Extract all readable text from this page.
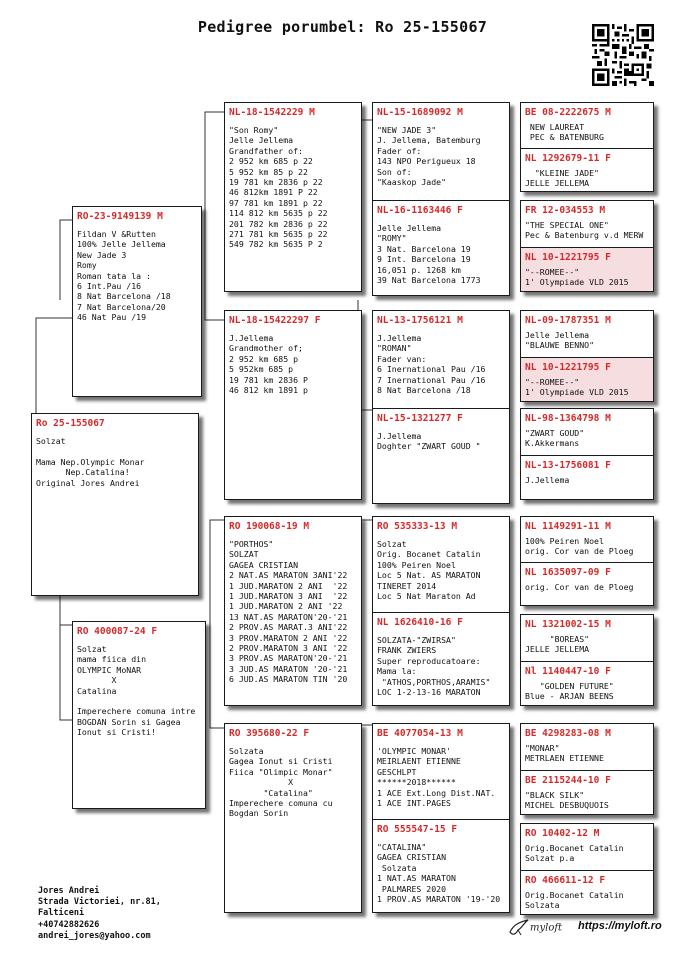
Pedigree porumbel: Ro 25-155067
Ro 25-155067
Solzat

Mama Nep.Olympic Monar
Nep.Catalina!
Original Jores Andrei
RO-23-9149139 M
Fildan V &Rutten
100% Jelle Jellema
New Jade 3
Romy
Roman tata la :
6 Int.Pau /16
8 Nat Barcelona /18
7 Nat Barcelona/20
46 Nat Pau /19
RO 400087-24 F
Solzat
mama fiica din
OLYMPIC MoNAR
X
Catalina

Imperechere comuna intre
BOGDAN Sorin si Gagea
Ionut si Cristi!
NL-18-1542229 M
"Son Romy"
Jelle Jellema
Grandfather of:
2 952 km 685 p 22
5 952 km 85 p 22
19 781 km 2836 p 22
46 812km 1891 P 22
97 781 km 1891 p 22
114 812 km 5635 p 22
201 782 km 2836 p 22
271 781 km 5635 p 22
549 782 km 5635 P 2
NL-18-15422297 F
J.Jellema
Grandmother of;
2 952 km 685 p
5 952km 685 p
19 781 km 2836 P
46 812 km 1891 p
RO 190068-19 M
"PORTHOS"
SOLZAT
GAGEA CRISTIAN
2 NAT.AS MARATON 3ANI'22
1 JUD.MARATON 2 ANI  '22
1 JUD.MARATON 3 ANI  '22
1 JUD.MARATON 2 ANI '22
13 NAT.AS MARATON'20-'21
2 PROV.AS MARAT.3 ANI'22
3 PROV.MARATON 2 ANI '22
2 PROV.MARATON 3 ANI '22
3 PROV.AS MARATON'20-'21
3 JUD.AS MARATON '20-'21
6 JUD.AS MARATON TIN '20
RO 395680-22 F
Solzata
Gagea Ionut si Cristi
Fiica "Olimpic Monar"
X
"Catalina"
Imperechere comuna cu
Bogdan Sorin
NL-15-1689092 M
"NEW JADE 3"
J. Jellema, Batemburg
Fader of:
143 NPO Perigueux 18
Son of:
"Kaaskop Jade"
NL-16-1163446 F
Jelle Jellema
"ROMY"
3 Nat. Barcelona 19
9 Int. Barcelona 19
16,051 p. 1268 km
39 Nat Barcelona 1773
NL-13-1756121 M
J.Jellema
"ROMAN"
Fader van:
6 Inernational Pau /16
7 Inernational Pau /16
8 Nat Barcelona /18
NL-15-1321277 F
J.Jellema
Doghter "ZWART GOUD "
RO 535333-13 M
Solzat
Orig. Bocanet Catalin
100% Peiren Noel
Loc 5 Nat. AS MARATON
TINERET 2014
Loc 5 Nat Maraton Ad
NL 1626410-16 F
SOLZATA-"ZWIRSA"
FRANK ZWIERS
Super reproducatoare:
Mama la:
"ATHOS,PORTHOS,ARAMIS"
LOC 1-2-13-16 MARATON
BE 4077054-13 M
'OLYMPIC MONAR'
MEIRLAENT ETIENNE
GESCHLPT
******2018******
1 ACE Ext.Long Dist.NAT.
1 ACE INT.PAGES
RO 555547-15 F
"CATALINA"
GAGEA CRISTIAN
Solzata
1 NAT.AS MARATON
PALMARES 2020
1 PROV.AS MARATON '19-'20
BE 08-2222675 M
NEW LAUREAT
PEC & BATENBURG
NL 1292679-11 F
"KLEINE JADE"
JELLE JELLEMA
FR 12-034553 M
"THE SPECIAL ONE"
Pec & Batenburg v.d MERW
NL 10-1221795 F
"--ROMEE--"
1' Olympiade VLD 2015
NL-09-1787351 M
Jelle Jellema
"BLAUWE BENNO"
NL 10-1221795 F
"--ROMEE--"
1' Olympiade VLD 2015
NL-98-1364798 M
"ZWART GOUD"
K.Akkermans
NL-13-1756081 F
J.Jellema
NL 1149291-11 M
100% Peiren Noel
orig. Cor van de Ploeg
NL 1635097-09 F
orig. Cor van de Ploeg
NL 1321002-15 M
"BOREAS"
JELLE JELLEMA
Nl 1140447-10 F
"GOLDEN FUTURE"
Blue - ARJAN BEENS
BE 4298283-08 M
"MONAR"
METRLAEN ETIENNE
BE 2115244-10 F
"BLACK SILK"
MICHEL DESBUQUOIS
RO 10402-12 M
Orig.Bocanet Catalin
Solzat p.a
RO 466611-12 F
Orig.Bocanet Catalin
Solzata
Jores Andrei
Strada Victoriei, nr.81,
Falticeni
+40742882626
andrei_jores@yahoo.com
myloft https://myloft.ro
